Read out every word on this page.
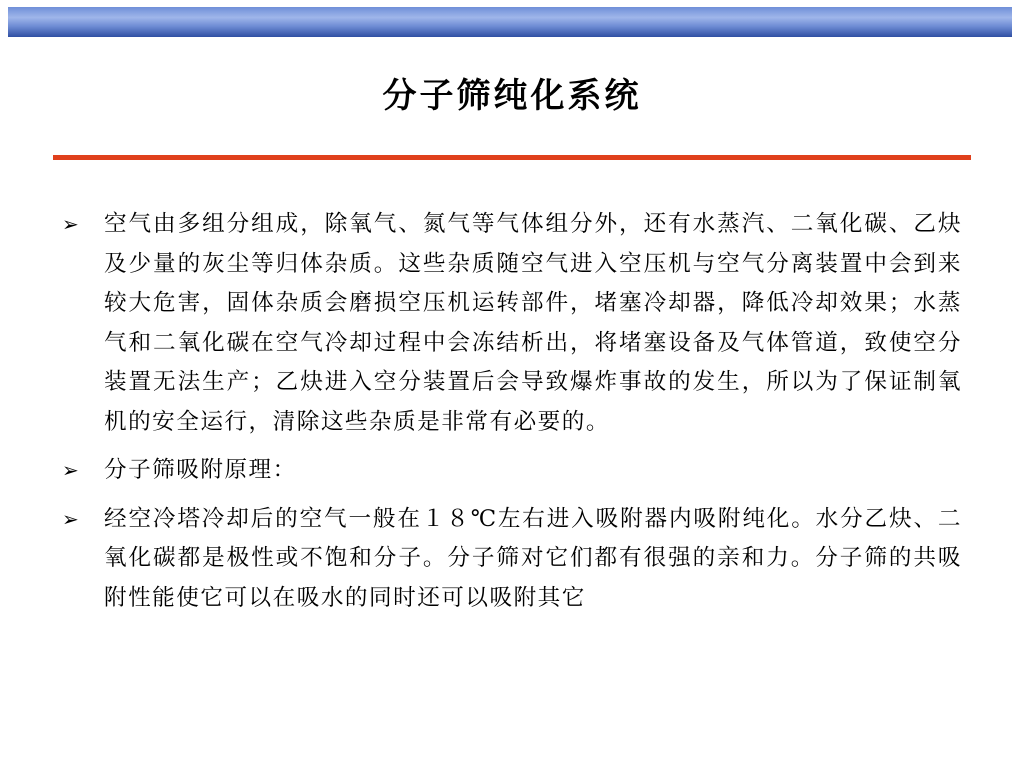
分子筛纯化系统
➢ 空气由多组分组成，除氧气、氮气等气体组分外，还有水蒸汽、二氧化碳、乙炔及少量的灰尘等归体杂质。这些杂质随空气进入空压机与空气分离装置中会到来较大危害，固体杂质会磨损空压机运转部件，堵塞冷却器，降低冷却效果；水蒸气和二氧化碳在空气冷却过程中会冻结析出，将堵塞设备及气体管道，致使空分装置无法生产；乙炔进入空分装置后会导致爆炸事故的发生，所以为了保证制氧机的安全运行，清除这些杂质是非常有必要的。
➢ 分子筛吸附原理：
➢ 经空冷塔冷却后的空气一般在１８℃左右进入吸附器内吸附纯化。水分乙炔、二氧化碳都是极性或不饱和分子。分子筛对它们都有很强的亲和力。分子筛的共吸附性能使它可以在吸水的同时还可以吸附其它
